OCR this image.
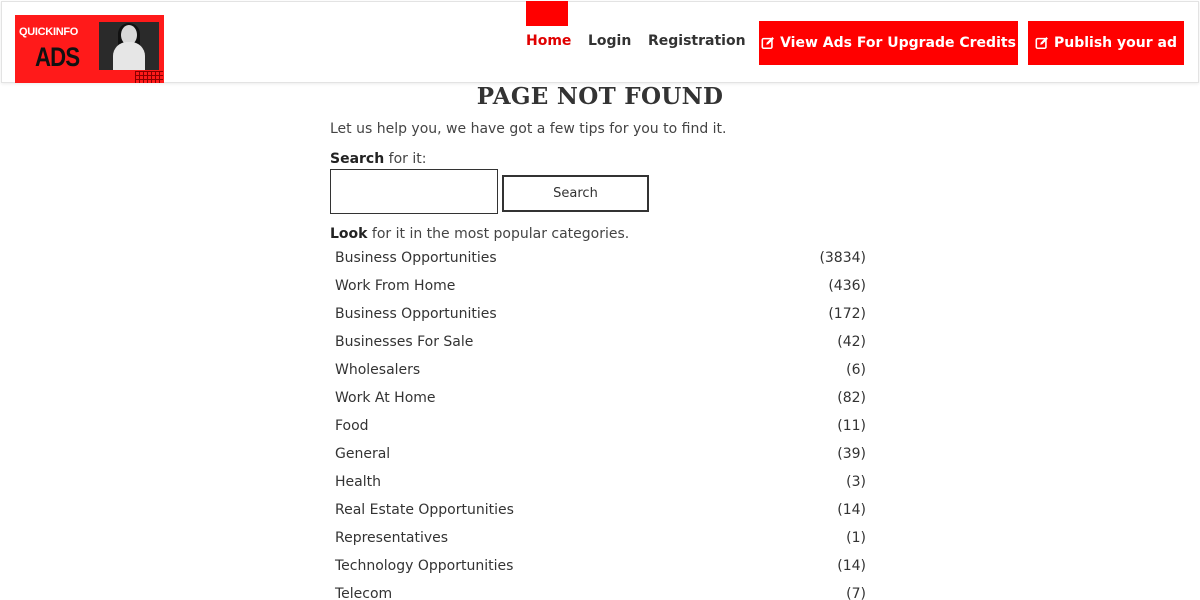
QUICKINFO
ADS
Home Login Registration View Ads For Upgrade Credits	Publish your ad
PAGE NOT FOUND

Let us help you, we have got a few tips for you to find it.

Search for it:

Search

Look for it in the most popular categories.

Business Opportunities	(3834)
Work From Home	(436)
Business Opportunities	(172)
Businesses For Sale	(42)
Wholesalers	(6)
Work At Home	(82)
Food	(11)
General	(39)
Health	(3)
Real Estate Opportunities	(14)
Representatives	(1)
Technology Opportunities	(14)
Telecom	(7)
